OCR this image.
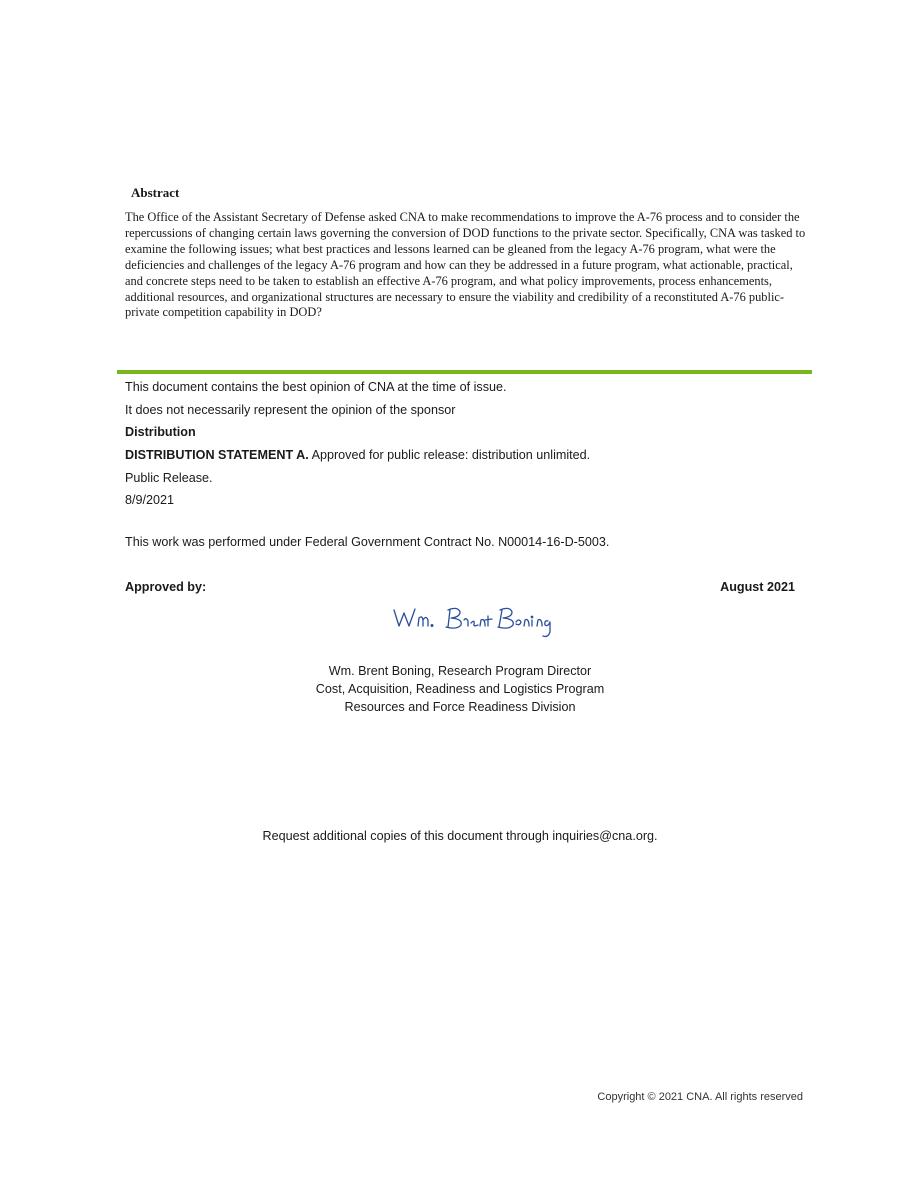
Abstract

The Office of the Assistant Secretary of Defense asked CNA to make recommendations to improve the A-76 process and to consider the repercussions of changing certain laws governing the conversion of DOD functions to the private sector. Specifically, CNA was tasked to examine the following issues; what best practices and lessons learned can be gleaned from the legacy A-76 program, what were the deficiencies and challenges of the legacy A-76 program and how can they be addressed in a future program, what actionable, practical, and concrete steps need to be taken to establish an effective A-76 program, and what policy improvements, process enhancements, additional resources, and organizational structures are necessary to ensure the viability and credibility of a reconstituted A-76 public-private competition capability in DOD?

This document contains the best opinion of CNA at the time of issue.
It does not necessarily represent the opinion of the sponsor
Distribution
DISTRIBUTION STATEMENT A. Approved for public release: distribution unlimited.
Public Release.
8/9/2021
This work was performed under Federal Government Contract No. N00014-16-D-5003.
Approved by:	August 2021
Wm. Brent Boning, Research Program Director
Cost, Acquisition, Readiness and Logistics Program
Resources and Force Readiness Division
Request additional copies of this document through inquiries@cna.org.
Copyright © 2021 CNA. All rights reserved
